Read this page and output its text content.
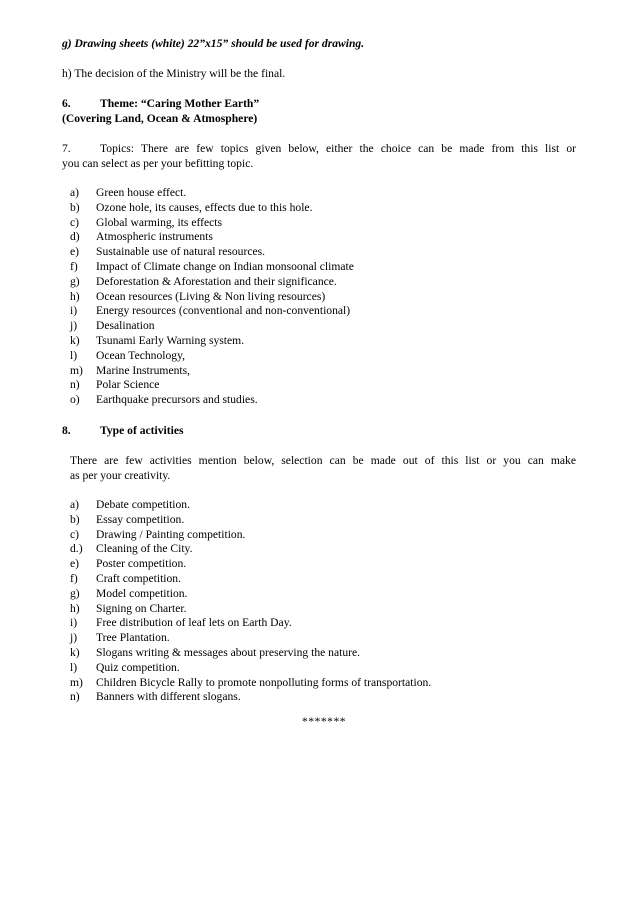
g) Drawing sheets (white) 22”x15” should be used for drawing.

h) The decision of the Ministry will be the final.

6.	Theme: “Caring Mother Earth”

(Covering Land, Ocean & Atmosphere)

7.	Topics: There are few topics given below, either the choice can be made from this list or

you can select as per your befitting topic.

a)	Green house effect.
b)	Ozone hole, its causes, effects due to this hole.
c)	Global warming, its effects
d)	Atmospheric instruments
e)	Sustainable use of natural resources.
f)	Impact of Climate change on Indian monsoonal climate
g)	Deforestation & Aforestation and their significance.
h)	Ocean resources (Living & Non living resources)
i)	Energy resources (conventional and non-conventional)
j)	Desalination
k)	Tsunami Early Warning system.
l)	Ocean Technology,
m)	Marine Instruments,
n)	Polar Science
o)	Earthquake precursors and studies.

8.	Type of activities

There are few activities mention below, selection can be made out of this list or you can make

as per your creativity.

a)	Debate competition.
b)	Essay competition.
c)	Drawing / Painting competition.
d.)	Cleaning of the City.
e)	Poster competition.
f)	Craft competition.
g)	Model competition.
h)	Signing on Charter.
i)	Free distribution of leaf lets on Earth Day.
j)	Tree Plantation.
k)	Slogans writing & messages about preserving the nature.
l)	Quiz competition.
m)	Children Bicycle Rally to promote nonpolluting forms of transportation.
n)	Banners with different slogans.

*******
